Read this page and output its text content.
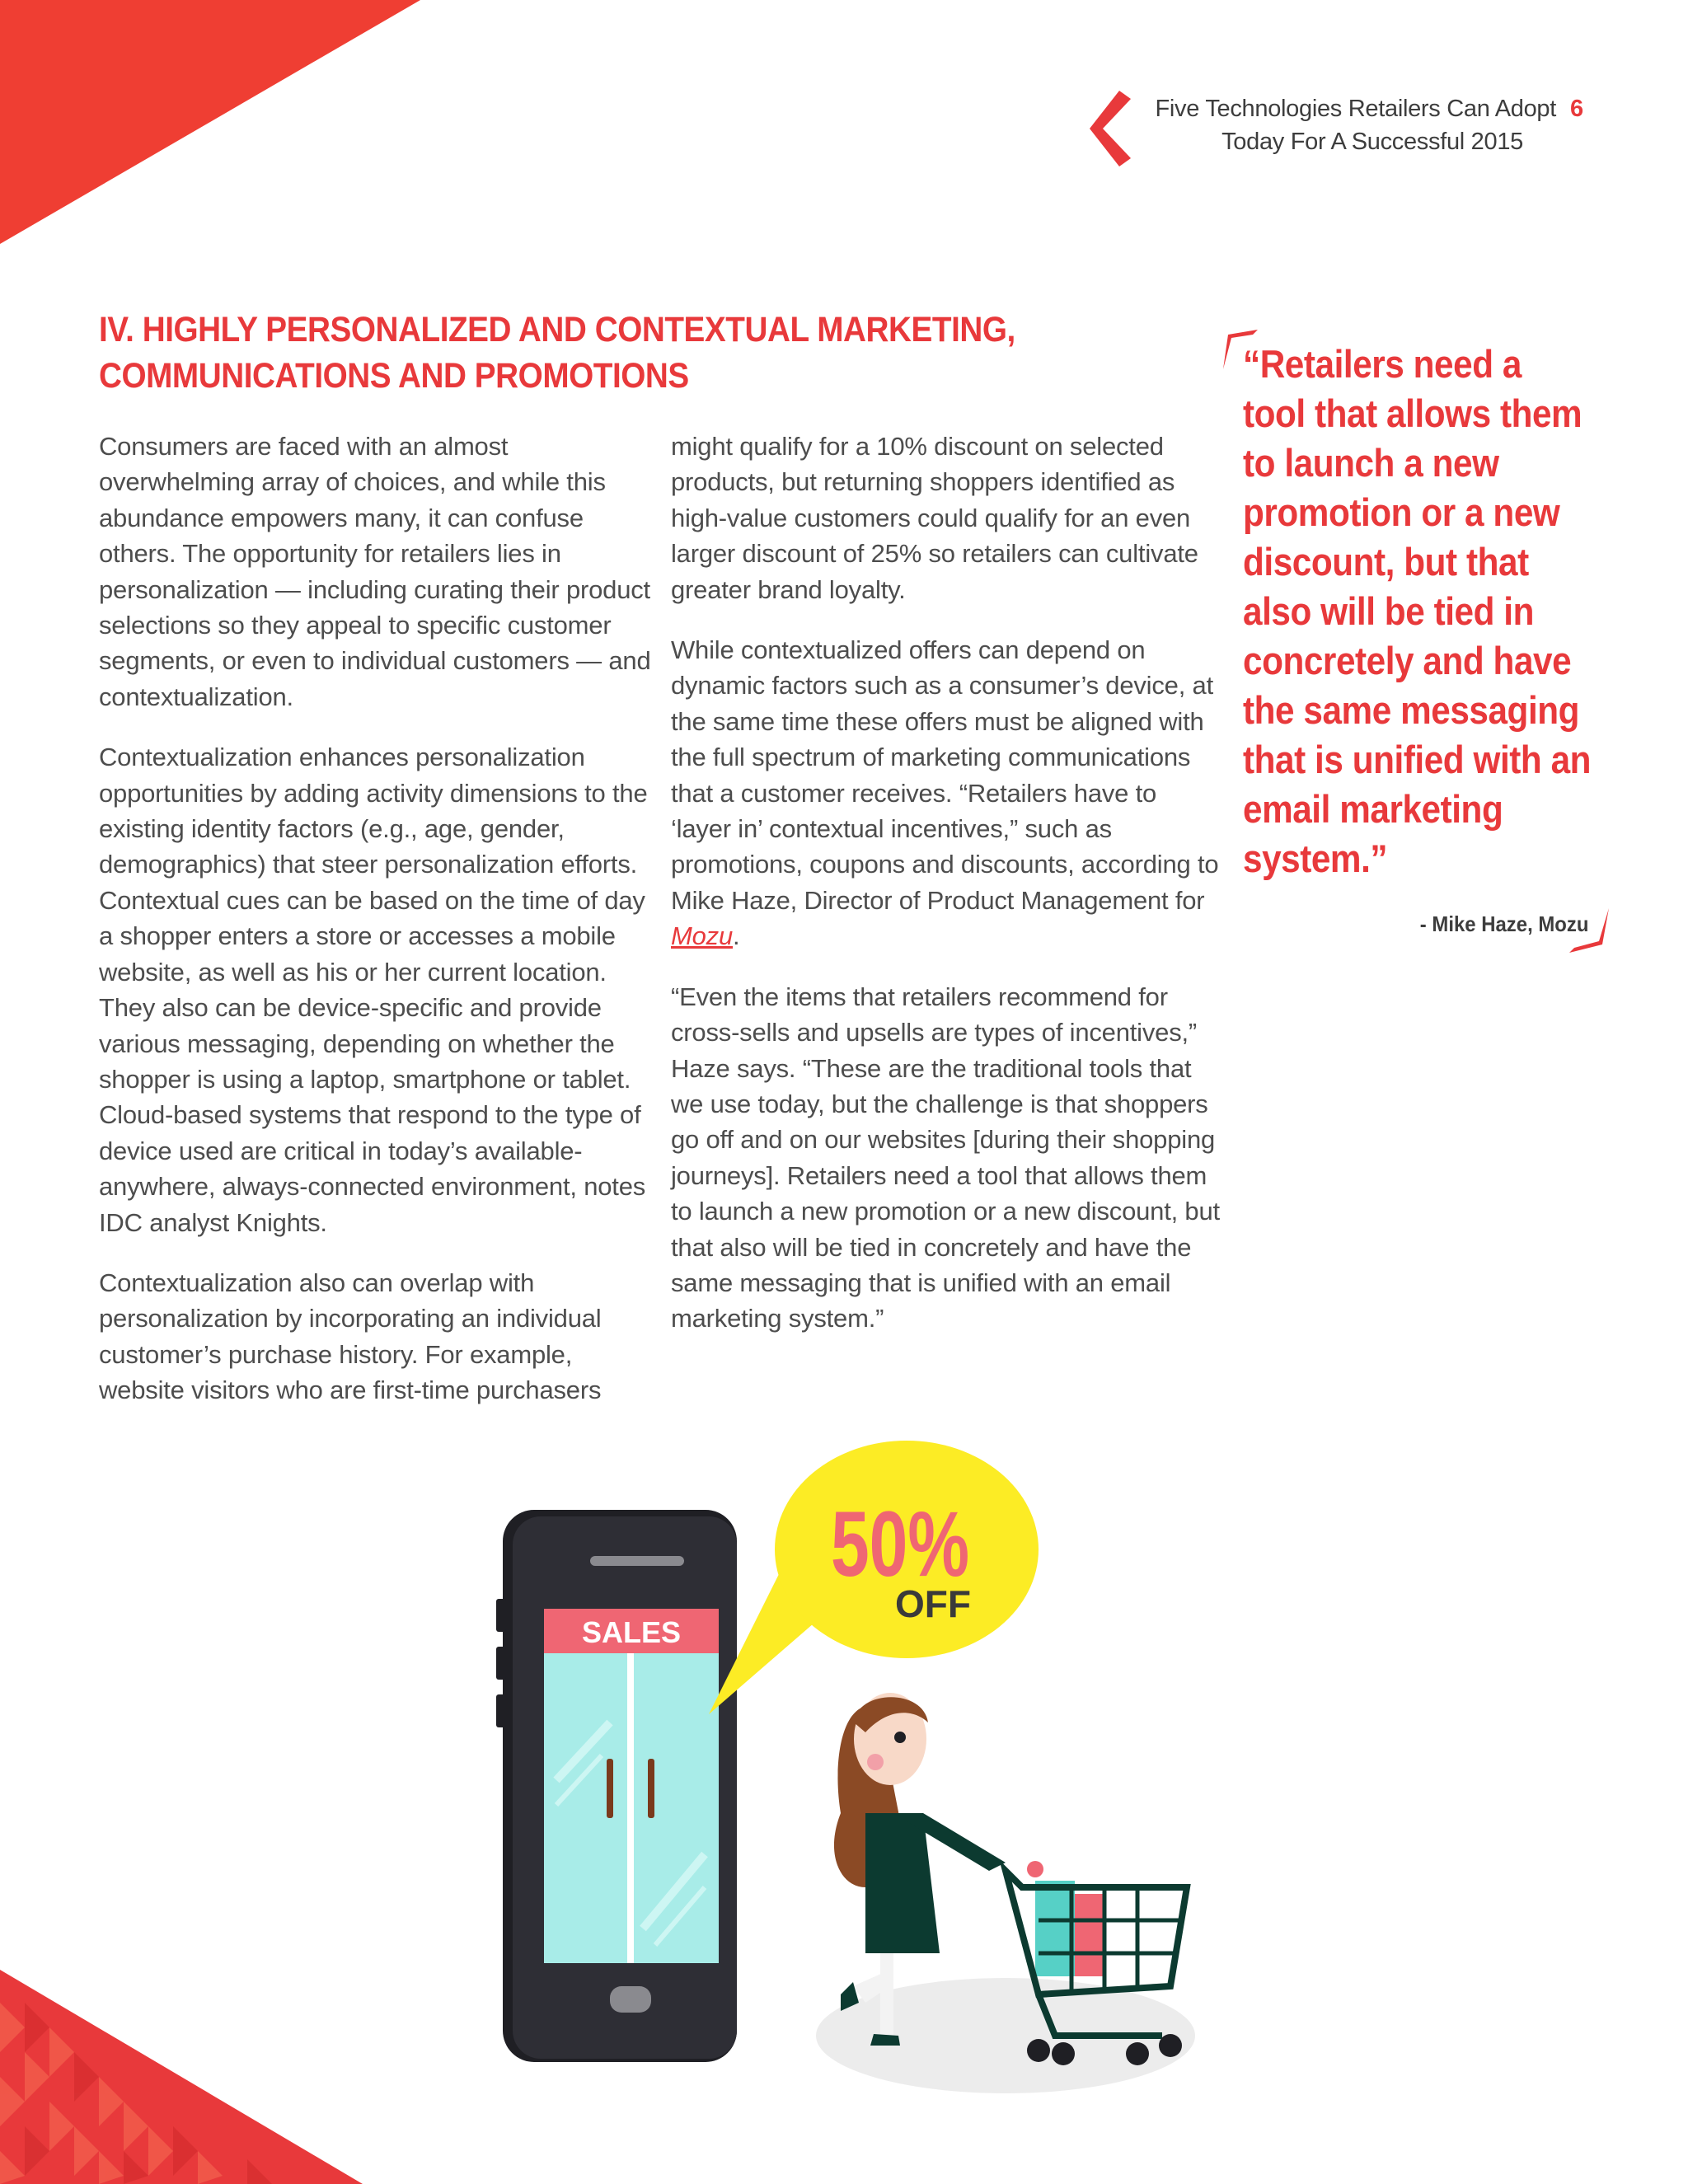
Five Technologies Retailers Can Adopt
Today For A Successful 2015
6
IV. HIGHLY PERSONALIZED AND CONTEXTUAL MARKETING,
COMMUNICATIONS AND PROMOTIONS

Consumers are faced with an almost overwhelming array of choices, and while this abundance empowers many, it can confuse others. The opportunity for retailers lies in personalization — including curating their product selections so they appeal to specific customer segments, or even to individual customers — and contextualization.

Contextualization enhances personalization opportunities by adding activity dimensions to the existing identity factors (e.g., age, gender, demographics) that steer personalization efforts. Contextual cues can be based on the time of day a shopper enters a store or accesses a mobile website, as well as his or her current location. They also can be device-specific and provide various messaging, depending on whether the shopper is using a laptop, smartphone or tablet. Cloud-based systems that respond to the type of device used are critical in today’s available-anywhere, always-connected environment, notes IDC analyst Knights.

Contextualization also can overlap with personalization by incorporating an individual customer’s purchase history. For example, website visitors who are first-time purchasers

might qualify for a 10% discount on selected products, but returning shoppers identified as high-value customers could qualify for an even larger discount of 25% so retailers can cultivate greater brand loyalty.

While contextualized offers can depend on dynamic factors such as a consumer’s device, at the same time these offers must be aligned with the full spectrum of marketing communications that a customer receives. “Retailers have to ‘layer in’ contextual incentives,” such as promotions, coupons and discounts, according to Mike Haze, Director of Product Management for Mozu.

“Even the items that retailers recommend for cross-sells and upsells are types of incentives,” Haze says. “These are the traditional tools that we use today, but the challenge is that shoppers go off and on our websites [during their shopping journeys]. Retailers need a tool that allows them to launch a new promotion or a new discount, but that also will be tied in concretely and have the same messaging that is unified with an email marketing system.”

“Retailers need a tool that allows them to launch a new promotion or a new discount, but that also will be tied in concretely and have the same messaging that is unified with an email marketing system.”

- Mike Haze, Mozu
SALES
50%
OFF
